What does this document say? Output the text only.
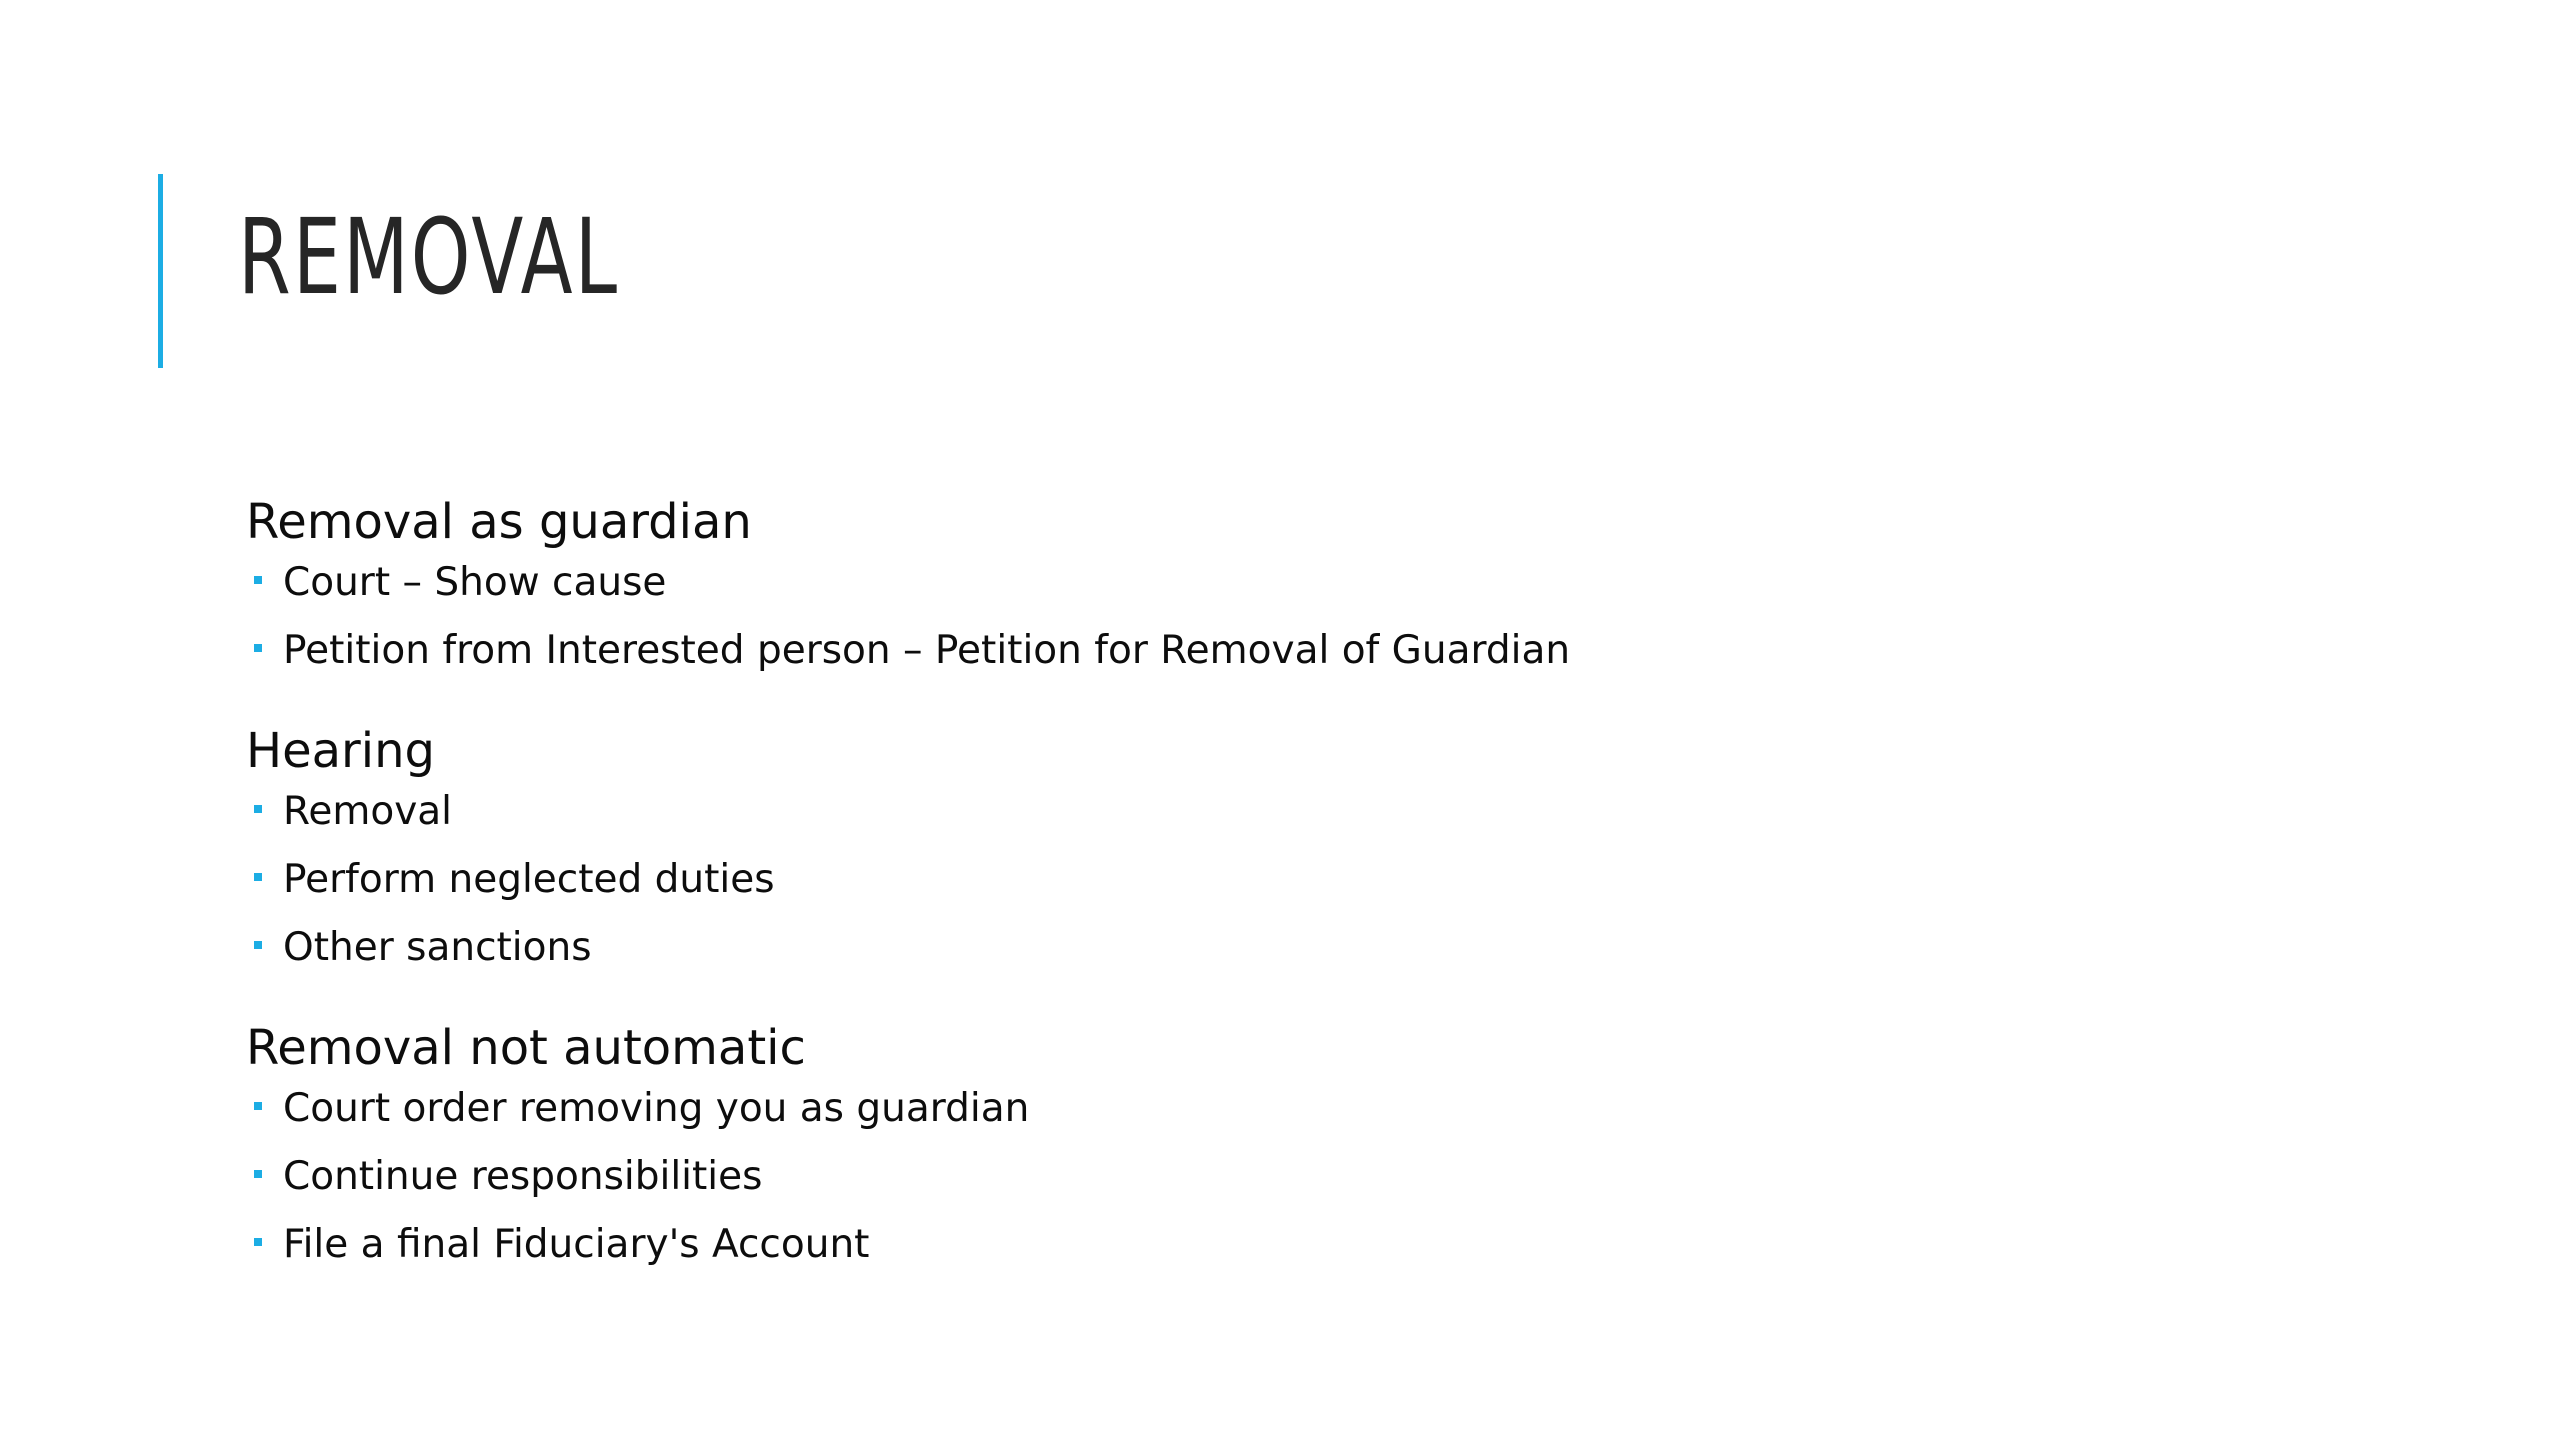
REMOVAL
Removal as guardian
Court – Show cause
Petition from Interested person – Petition for Removal of Guardian
Hearing
Removal
Perform neglected duties
Other sanctions
Removal not automatic
Court order removing you as guardian
Continue responsibilities
File a final Fiduciary's Account
